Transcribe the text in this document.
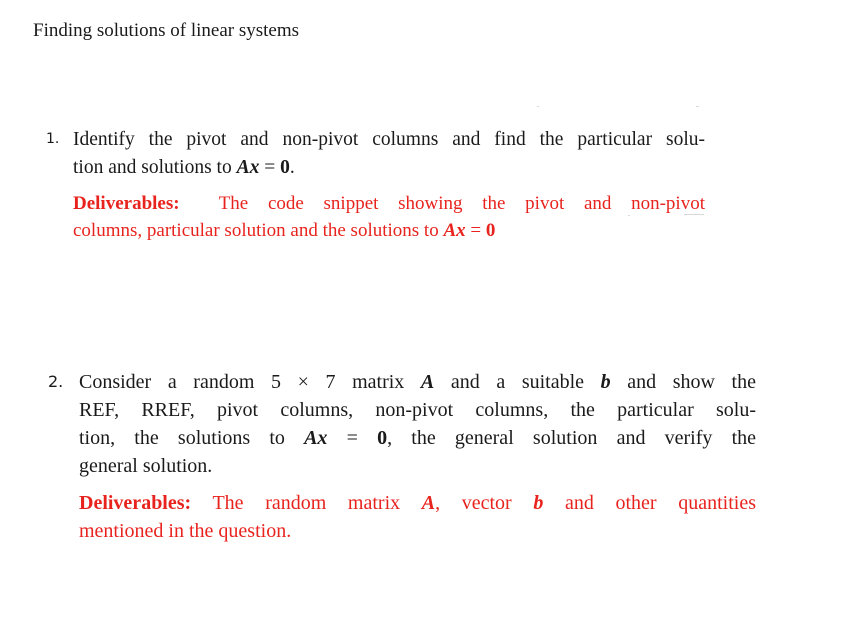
Finding solutions of linear systems
1. Identify the pivot and non-pivot columns and find the particular solu-
tion and solutions to Ax = 0.
Deliverables: The code snippet showing the pivot and non-pivot
columns, particular solution and the solutions to Ax = 0
2. Consider a random 5 × 7 matrix A and a suitable b and show the
REF, RREF, pivot columns, non-pivot columns, the particular solu-
tion, the solutions to Ax = 0, the general solution and verify the
general solution.
Deliverables: The random matrix A, vector b and other quantities
mentioned in the question.
